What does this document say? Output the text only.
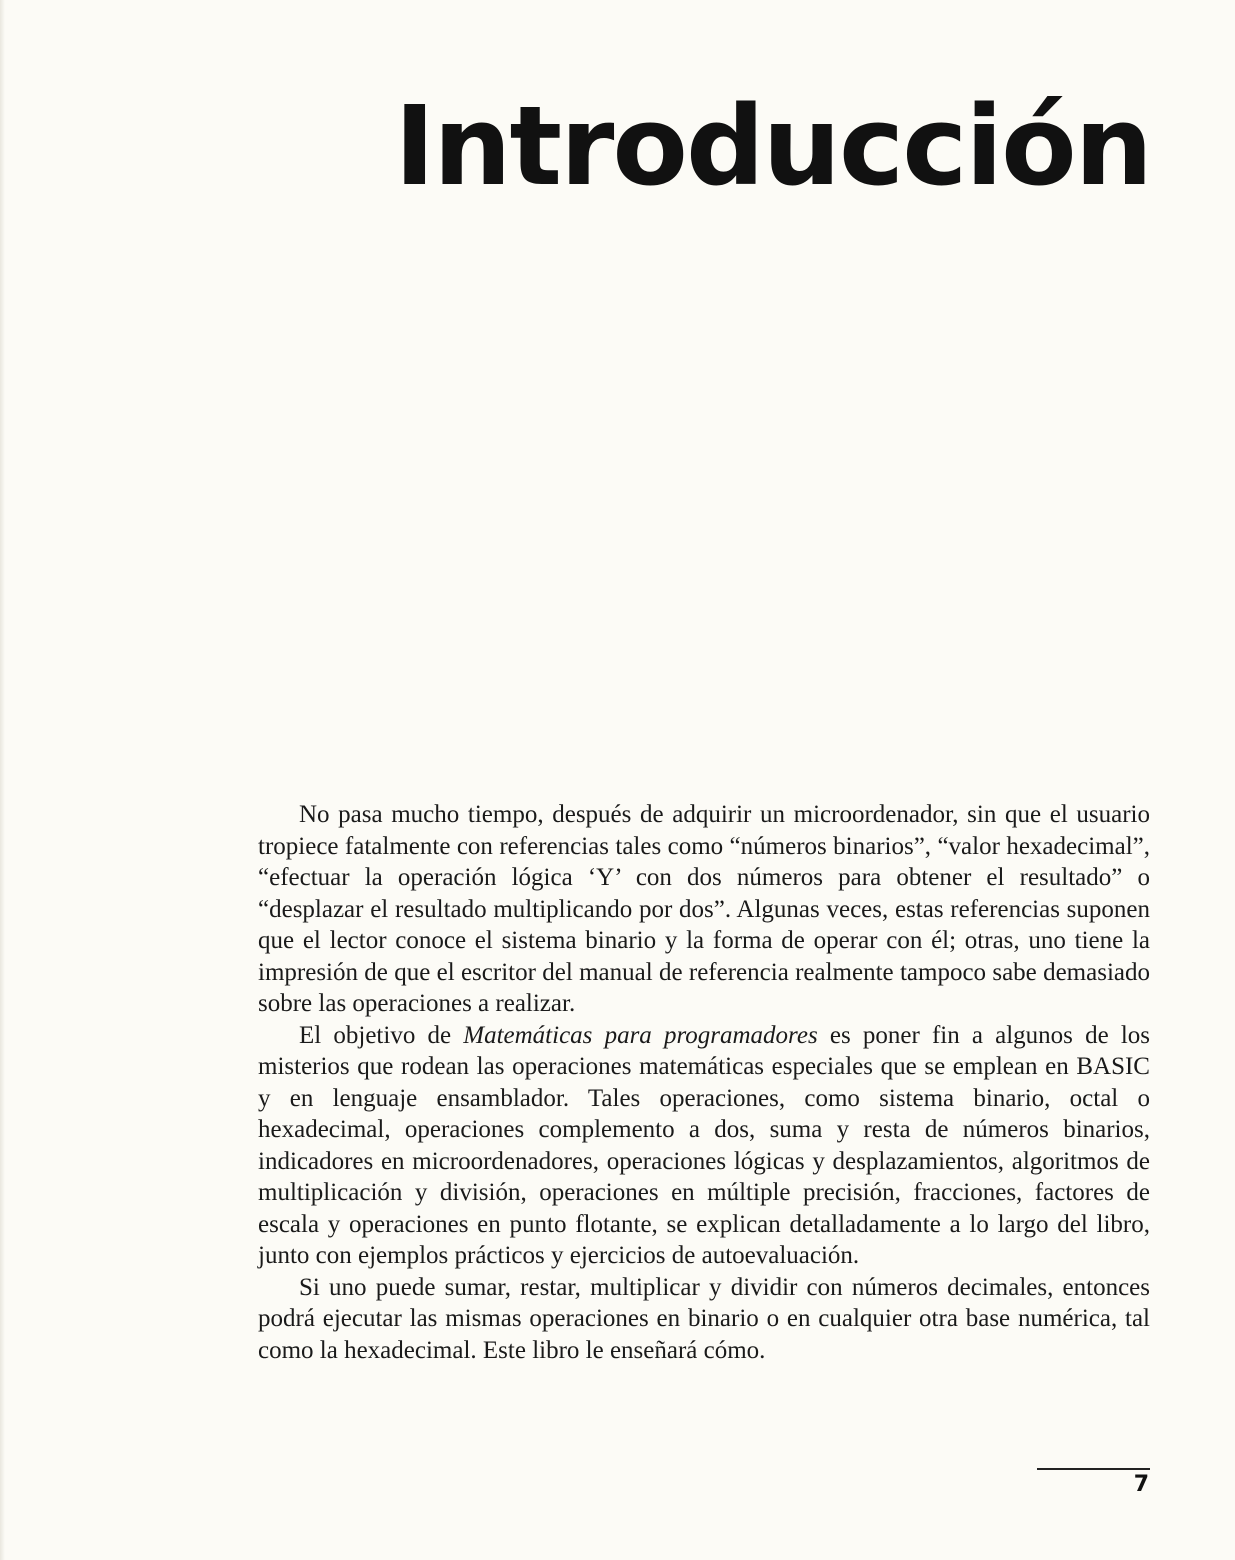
Introducción

No pasa mucho tiempo, después de adquirir un microordenador, sin que el usuario tropiece fatalmente con referencias tales como “números binarios”, “valor hexadecimal”, “efectuar la operación lógica ‘Y’ con dos números para obtener el resultado” o “desplazar el resultado multiplicando por dos”. Algunas veces, estas referencias suponen que el lector conoce el sistema binario y la forma de operar con él; otras, uno tiene la impresión de que el escritor del manual de referencia realmente tampoco sabe demasiado sobre las operaciones a realizar.

El objetivo de Matemáticas para programadores es poner fin a algunos de los misterios que rodean las operaciones matemáticas especiales que se emplean en BASIC y en lenguaje ensamblador. Tales operaciones, como sistema binario, octal o hexadecimal, operaciones complemento a dos, suma y resta de números binarios, indicadores en microordenadores, operaciones lógicas y desplazamientos, algoritmos de multiplicación y división, operaciones en múltiple precisión, fracciones, factores de escala y operaciones en punto flotante, se explican detalladamente a lo largo del libro, junto con ejemplos prácticos y ejercicios de autoevaluación.

Si uno puede sumar, restar, multiplicar y dividir con números decimales, entonces podrá ejecutar las mismas operaciones en binario o en cualquier otra base numérica, tal como la hexadecimal. Este libro le enseñará cómo.

7
